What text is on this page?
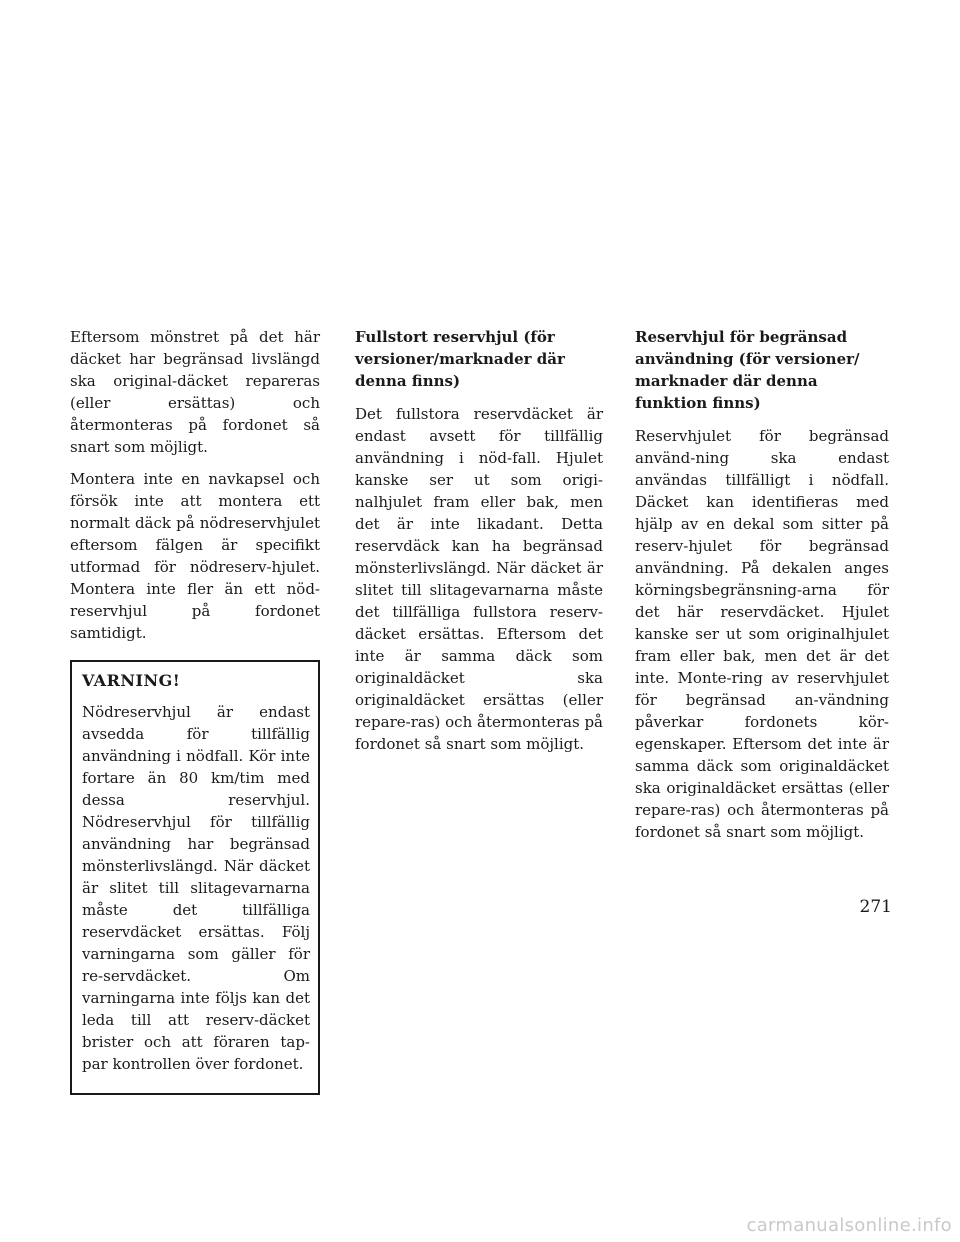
Eftersom mönstret på det här däcket har begränsad livslängd ska original-däcket repareras (eller ersättas) och återmonteras på fordonet så snart som möjligt.

Montera inte en navkapsel och försök inte att montera ett normalt däck på nödreservhjulet eftersom fälgen är specifikt utformad för nödreserv-hjulet. Montera inte fler än ett nöd-reservhjul på fordonet samtidigt.

VARNING!

Nödreservhjul är endast avsedda för tillfällig användning i nödfall. Kör inte fortare än 80 km/tim med dessa reservhjul. Nödreservhjul för tillfällig användning har begränsad mönsterlivslängd. När däcket är slitet till slitagevarnarna måste det tillfälliga reservdäcket ersättas. Följ varningarna som gäller för re-servdäcket. Om varningarna inte följs kan det leda till att reserv-däcket brister och att föraren tap-par kontrollen över fordonet.

Fullstort reservhjul (för versioner/marknader där denna finns)

Det fullstora reservdäcket är endast avsett för tillfällig användning i nöd-fall. Hjulet kanske ser ut som origi-nalhjulet fram eller bak, men det är inte likadant. Detta reservdäck kan ha begränsad mönsterlivslängd. När däcket är slitet till slitagevarnarna måste det tillfälliga fullstora reserv-däcket ersättas. Eftersom det inte är samma däck som originaldäcket ska originaldäcket ersättas (eller repare-ras) och återmonteras på fordonet så snart som möjligt.

Reservhjul för begränsad användning (för versioner/ marknader där denna funktion finns)

Reservhjulet för begränsad använd-ning ska endast användas tillfälligt i nödfall. Däcket kan identifieras med hjälp av en dekal som sitter på reserv-hjulet för begränsad användning. På dekalen anges körningsbegränsning-arna för det här reservdäcket. Hjulet kanske ser ut som originalhjulet fram eller bak, men det är det inte. Monte-ring av reservhjulet för begränsad an-vändning påverkar fordonets kör-egenskaper. Eftersom det inte är samma däck som originaldäcket ska originaldäcket ersättas (eller repare-ras) och återmonteras på fordonet så snart som möjligt.

271
carmanualsonline.info
